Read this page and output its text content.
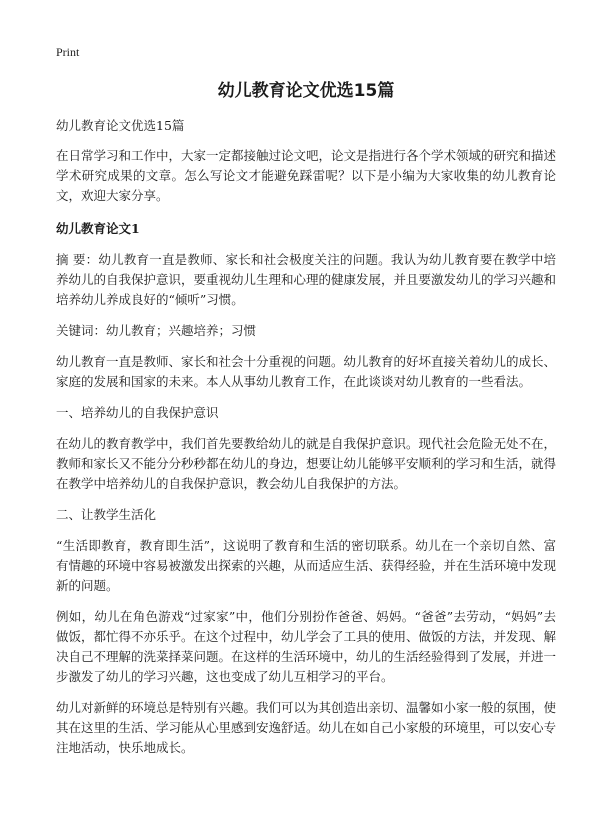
Print
幼儿教育论文优选15篇
幼儿教育论文优选15篇

在日常学习和工作中，大家一定都接触过论文吧，论文是指进行各个学术领域的研究和描述学术研究成果的文章。怎么写论文才能避免踩雷呢？以下是小编为大家收集的幼儿教育论文，欢迎大家分享。

幼儿教育论文1

摘 要：幼儿教育一直是教师、家长和社会极度关注的问题。我认为幼儿教育要在教学中培养幼儿的自我保护意识，要重视幼儿生理和心理的健康发展，并且要激发幼儿的学习兴趣和培养幼儿养成良好的“倾听”习惯。

关键词：幼儿教育；兴趣培养；习惯

幼儿教育一直是教师、家长和社会十分重视的问题。幼儿教育的好坏直接关着幼儿的成长、家庭的发展和国家的未来。本人从事幼儿教育工作，在此谈谈对幼儿教育的一些看法。

一、培养幼儿的自我保护意识

在幼儿的教育教学中，我们首先要教给幼儿的就是自我保护意识。现代社会危险无处不在，教师和家长又不能分分秒秒都在幼儿的身边，想要让幼儿能够平安顺利的学习和生活，就得在教学中培养幼儿的自我保护意识，教会幼儿自我保护的方法。

二、让教学生活化

“生活即教育，教育即生活”，这说明了教育和生活的密切联系。幼儿在一个亲切自然、富有情趣的环境中容易被激发出探索的兴趣，从而适应生活、获得经验，并在生活环境中发现新的问题。

例如，幼儿在角色游戏“过家家”中，他们分别扮作爸爸、妈妈。“爸爸”去劳动，“妈妈”去做饭，都忙得不亦乐乎。在这个过程中，幼儿学会了工具的使用、做饭的方法，并发现、解决自己不理解的洗菜择菜问题。在这样的生活环境中，幼儿的生活经验得到了发展，并进一步激发了幼儿的学习兴趣，这也变成了幼儿互相学习的平台。

幼儿对新鲜的环境总是特别有兴趣。我们可以为其创造出亲切、温馨如小家一般的氛围，使其在这里的生活、学习能从心里感到安逸舒适。幼儿在如自己小家般的环境里，可以安心专注地活动，快乐地成长。
